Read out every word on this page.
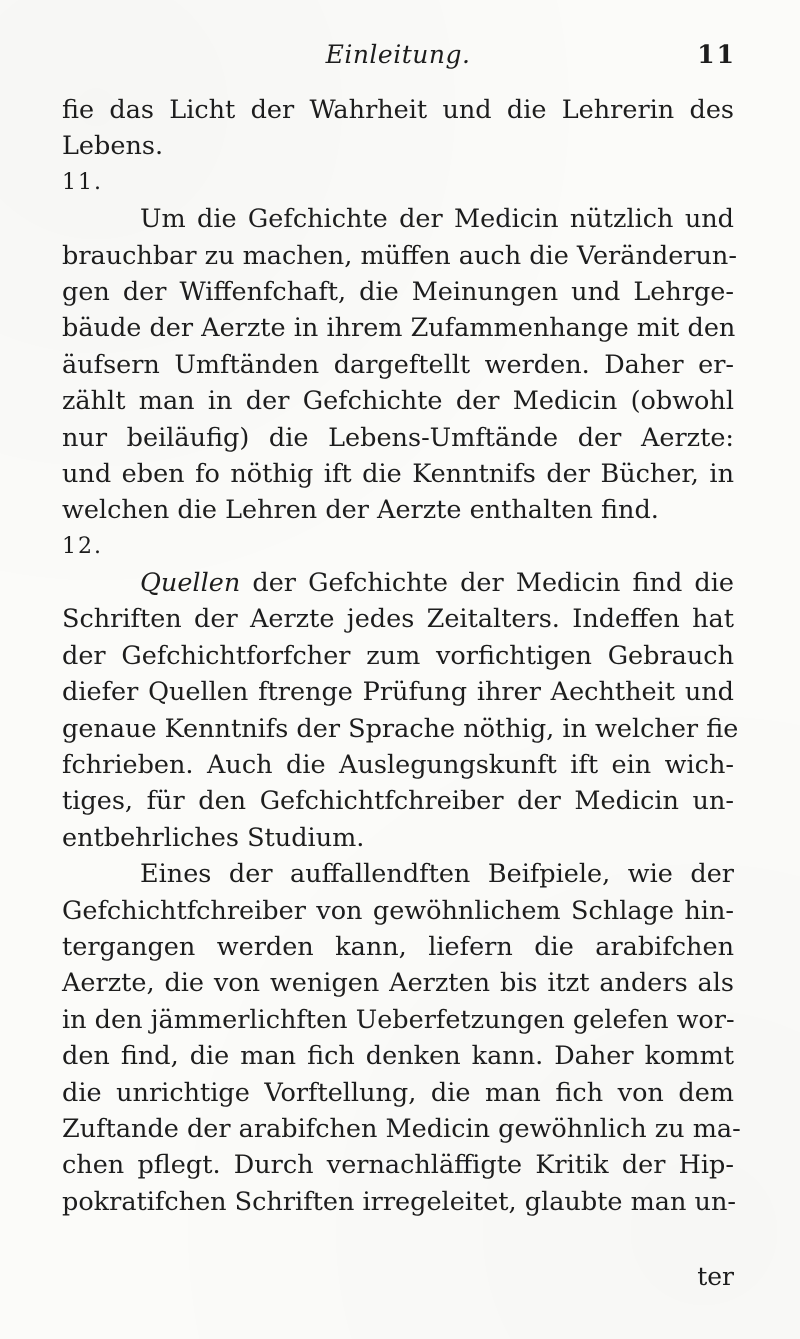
Einleitung.	11
fie das Licht der Wahrheit und die Lehrerin des
Lebens.
11.
Um die Gefchichte der Medicin nützlich und
brauchbar zu machen, müffen auch die Veränderun-
gen der Wiffenfchaft, die Meinungen und Lehrge-
bäude der Aerzte in ihrem Zufammenhange mit den
äufsern Umftänden dargeftellt werden. Daher er-
zählt man in der Gefchichte der Medicin (obwohl
nur beiläufig) die Lebens-Umftände der Aerzte:
und eben fo nöthig ift die Kenntnifs der Bücher, in
welchen die Lehren der Aerzte enthalten find.
12.
Quellen der Gefchichte der Medicin find die
Schriften der Aerzte jedes Zeitalters. Indeffen hat
der Gefchichtforfcher zum vorfichtigen Gebrauch
diefer Quellen ftrenge Prüfung ihrer Aechtheit und
genaue Kenntnifs der Sprache nöthig, in welcher fie
fchrieben. Auch die Auslegungskunft ift ein wich-
tiges, für den Gefchichtfchreiber der Medicin un-
entbehrliches Studium.
Eines der auffallendften Beifpiele, wie der
Gefchichtfchreiber von gewöhnlichem Schlage hin-
tergangen werden kann, liefern die arabifchen
Aerzte, die von wenigen Aerzten bis itzt anders als
in den jämmerlichften Ueberfetzungen gelefen wor-
den find, die man fich denken kann. Daher kommt
die unrichtige Vorftellung, die man fich von dem
Zuftande der arabifchen Medicin gewöhnlich zu ma-
chen pflegt. Durch vernachläffigte Kritik der Hip-
pokratifchen Schriften irregeleitet, glaubte man un-
ter
